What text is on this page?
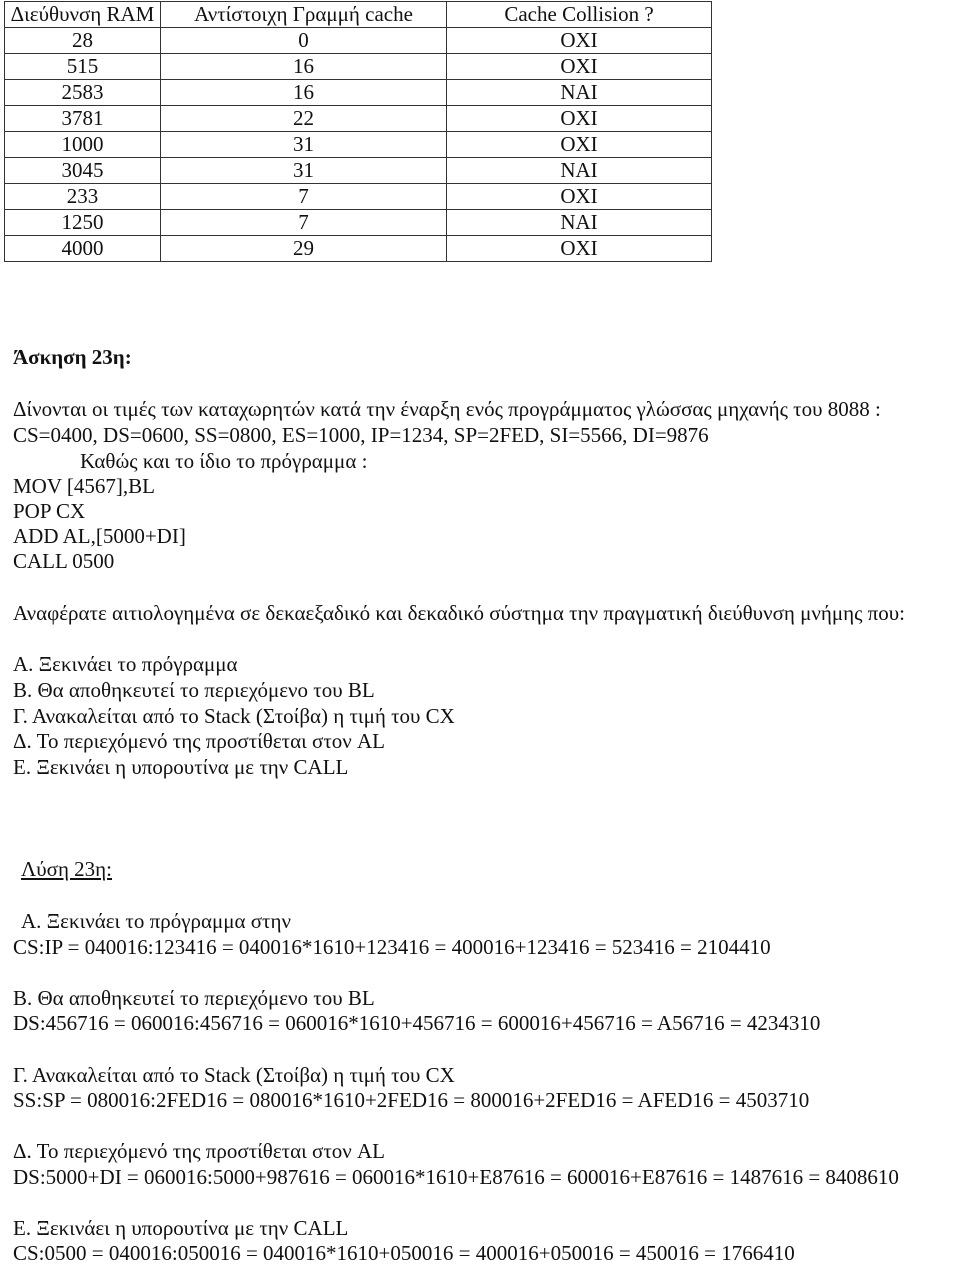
Διεύθυνση RAM	Αντίστοιχη Γραμμή cache	Cache Collision ?
28	0	ΟΧΙ
515	16	ΟΧΙ
2583	16	ΝΑΙ
3781	22	ΟΧΙ
1000	31	ΟΧΙ
3045	31	ΝΑΙ
233	7	ΟΧΙ
1250	7	ΝΑΙ
4000	29	ΟΧΙ
Άσκηση 23η:
Δίνονται οι τιμές των καταχωρητών κατά την έναρξη ενός προγράμματος γλώσσας μηχανής του 8088 :
CS=0400, DS=0600, SS=0800, ES=1000, IP=1234, SP=2FED, SI=5566, DI=9876
Καθώς και το ίδιο το πρόγραμμα :
MOV [4567],BL
POP CX
ADD AL,[5000+DI]
CALL 0500
Αναφέρατε αιτιολογημένα σε δεκαεξαδικό και δεκαδικό σύστημα την πραγματική διεύθυνση μνήμης που:
Α. Ξεκινάει το πρόγραμμα
Β. Θα αποθηκευτεί το περιεχόμενο του BL
Γ. Ανακαλείται από το Stack (Στοίβα) η τιμή του CX
Δ. Το περιεχόμενό της προστίθεται στον AL
Ε. Ξεκινάει η υπορουτίνα με την CALL
Λύση 23η:
Α. Ξεκινάει το πρόγραμμα στην
CS:IP = 040016:123416 = 040016*1610+123416 = 400016+123416 = 523416 = 2104410
Β. Θα αποθηκευτεί το περιεχόμενο του BL
DS:456716 = 060016:456716 = 060016*1610+456716 = 600016+456716 = A56716 = 4234310
Γ. Ανακαλείται από το Stack (Στοίβα) η τιμή του CX
SS:SP = 080016:2FED16 = 080016*1610+2FED16 = 800016+2FED16 = AFED16 = 4503710
Δ. Το περιεχόμενό της προστίθεται στον AL
DS:5000+DI = 060016:5000+987616 = 060016*1610+E87616 = 600016+E87616 = 1487616 = 8408610
Ε. Ξεκινάει η υπορουτίνα με την CALL
CS:0500 = 040016:050016 = 040016*1610+050016 = 400016+050016 = 450016 = 1766410
